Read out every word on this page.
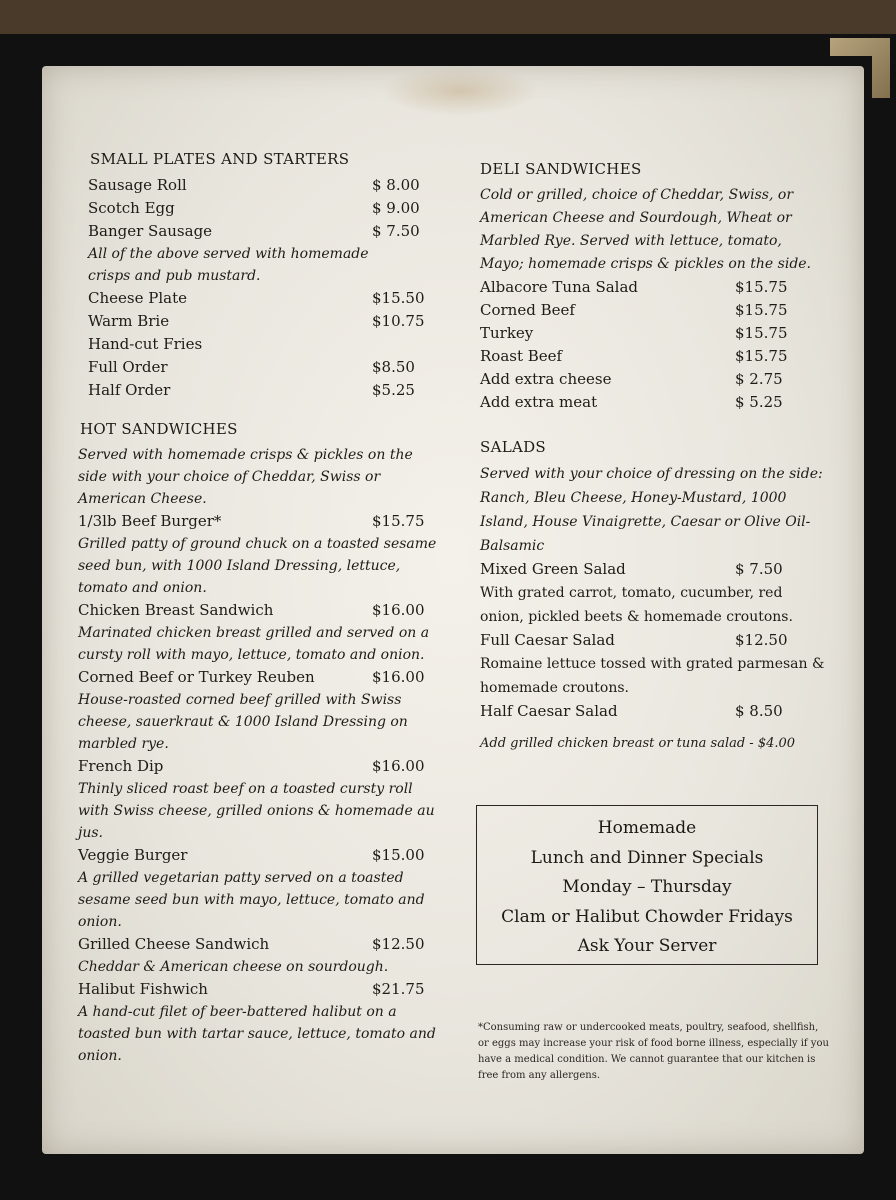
SMALL PLATES AND STARTERS
Sausage Roll	$ 8.00
Scotch Egg	$ 9.00
Banger Sausage	$ 7.50

All of the above served with homemade crisps and pub mustard.

Cheese Plate	$15.50
Warm Brie	$10.75
Hand-cut Fries
Full Order	$8.50
Half Order	$5.25
HOT SANDWICHES

Served with homemade crisps & pickles on the side with your choice of Cheddar, Swiss or American Cheese.

1/3lb Beef Burger*	$15.75

Grilled patty of ground chuck on a toasted sesame seed bun, with 1000 Island Dressing, lettuce, tomato and onion.

Chicken Breast Sandwich	$16.00

Marinated chicken breast grilled and served on a cursty roll with mayo, lettuce, tomato and onion.

Corned Beef or Turkey Reuben	$16.00

House-roasted corned beef grilled with Swiss cheese, sauerkraut & 1000 Island Dressing on marbled rye.

French Dip	$16.00

Thinly sliced roast beef on a toasted cursty roll with Swiss cheese, grilled onions & homemade au jus.

Veggie Burger	$15.00

A grilled vegetarian patty served on a toasted sesame seed bun with mayo, lettuce, tomato and onion.

Grilled Cheese Sandwich	$12.50

Cheddar & American cheese on sourdough.

Halibut Fishwich	$21.75

A hand-cut filet of beer-battered halibut on a toasted bun with tartar sauce, lettuce, tomato and onion.

DELI SANDWICHES

Cold or grilled, choice of Cheddar, Swiss, or American Cheese and Sourdough, Wheat or Marbled Rye. Served with lettuce, tomato, Mayo; homemade crisps & pickles on the side.

Albacore Tuna Salad	$15.75
Corned Beef	$15.75
Turkey	$15.75
Roast Beef	$15.75
Add extra cheese	$ 2.75
Add extra meat	$ 5.25
SALADS

Served with your choice of dressing on the side: Ranch, Bleu Cheese, Honey-Mustard, 1000 Island, House Vinaigrette, Caesar or Olive Oil-Balsamic

Mixed Green Salad	$ 7.50

With grated carrot, tomato, cucumber, red onion, pickled beets & homemade croutons.

Full Caesar Salad	$12.50

Romaine lettuce tossed with grated parmesan & homemade croutons.

Half Caesar Salad	$ 8.50

Add grilled chicken breast or tuna salad - $4.00

Homemade
Lunch and Dinner Specials
Monday – Thursday
Clam or Halibut Chowder Fridays
Ask Your Server
*Consuming raw or undercooked meats, poultry, seafood, shellfish, or eggs may increase your risk of food borne illness, especially if you have a medical condition. We cannot guarantee that our kitchen is free from any allergens.
